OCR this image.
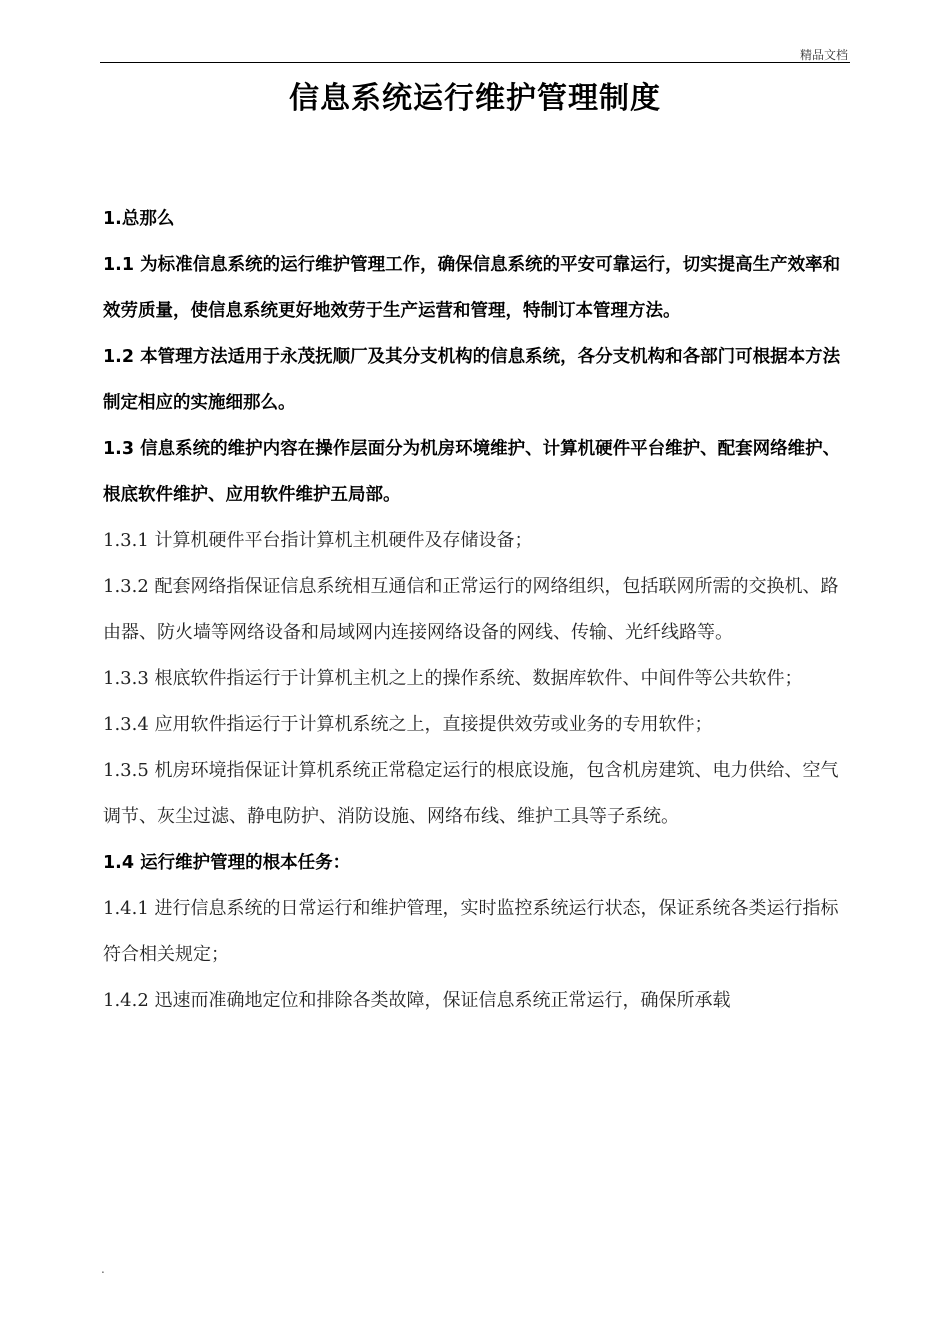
精品文档
信息系统运行维护管理制度

1.总那么

1.1 为标准信息系统的运行维护管理工作，确保信息系统的平安可靠运行，切实提高生产效率和效劳质量，使信息系统更好地效劳于生产运营和管理，特制订本管理方法。

1.2 本管理方法适用于永茂抚顺厂及其分支机构的信息系统，各分支机构和各部门可根据本方法制定相应的实施细那么。

1.3 信息系统的维护内容在操作层面分为机房环境维护、计算机硬件平台维护、配套网络维护、根底软件维护、应用软件维护五局部。

1.3.1 计算机硬件平台指计算机主机硬件及存储设备；

1.3.2 配套网络指保证信息系统相互通信和正常运行的网络组织，包括联网所需的交换机、路由器、防火墙等网络设备和局域网内连接网络设备的网线、传输、光纤线路等。

1.3.3 根底软件指运行于计算机主机之上的操作系统、数据库软件、中间件等公共软件；

1.3.4 应用软件指运行于计算机系统之上，直接提供效劳或业务的专用软件；

1.3.5 机房环境指保证计算机系统正常稳定运行的根底设施，包含机房建筑、电力供给、空气调节、灰尘过滤、静电防护、消防设施、网络布线、维护工具等子系统。

1.4 运行维护管理的根本任务：

1.4.1 进行信息系统的日常运行和维护管理，实时监控系统运行状态，保证系统各类运行指标符合相关规定；

1.4.2 迅速而准确地定位和排除各类故障，保证信息系统正常运行，确保所承载

.
